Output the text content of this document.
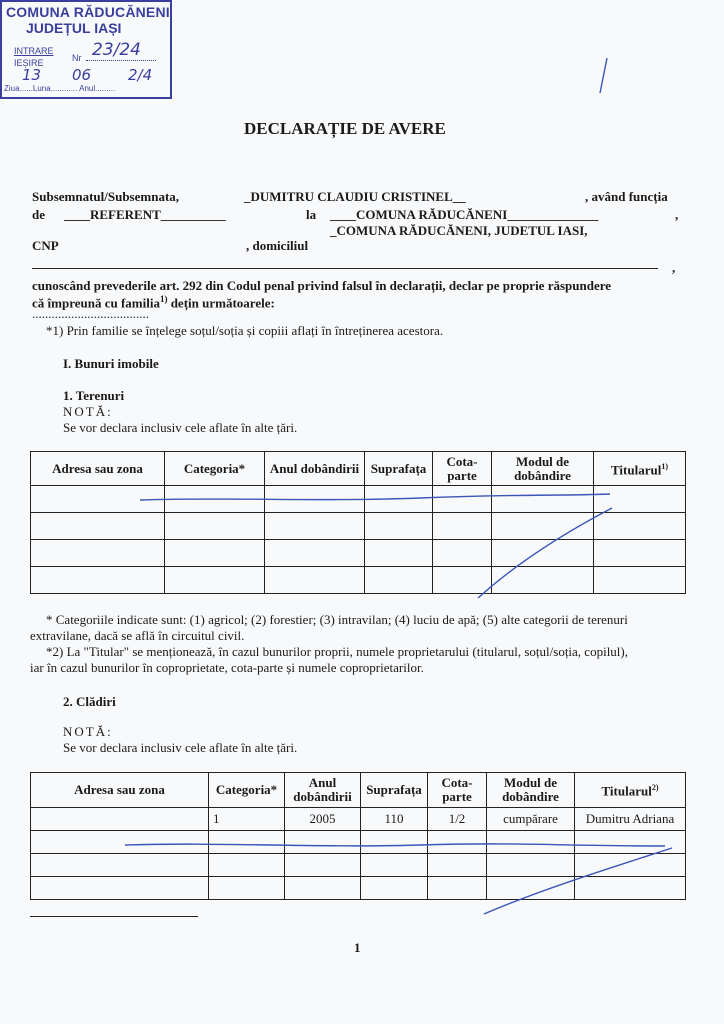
COMUNA RĂDUCĂNENI
JUDEȚUL IAȘI
INTRARE
IEȘIRE	Nr 23/24
13 06 2/4
Ziua......Luna............ Anul.........
DECLARAȚIE DE AVERE
Subsemnatul/Subsemnata,	_DUMITRU CLAUDIU CRISTINEL__	, având funcția
de ____REFERENT__________	la ____COMUNA RĂDUCĂNENI______________	,
_COMUNA RĂDUCĂNENI, JUDETUL IASI,
CNP	, domiciliul
,
cunoscând prevederile art. 292 din Codul penal privind falsul în declarații, declar pe proprie răspundere
că împreună cu familia$^{1)}$ dețin următoarele:
....................................
*1) Prin familie se înțelege soțul/soția și copiii aflați în întreținerea acestora.
I. Bunuri imobile
1. Terenuri
NOTĂ:
Se vor declara inclusiv cele aflate în alte țări.
Adresa sau zona	Categoria*	Anul dobândirii	Suprafața	Cota-parte	Modul de dobândire	Titularul$^{1)}$

* Categoriile indicate sunt: (1) agricol; (2) forestier; (3) intravilan; (4) luciu de apă; (5) alte categorii de terenuri
extravilane, dacă se află în circuitul civil.
*2) La "Titular" se menționează, în cazul bunurilor proprii, numele proprietarului (titularul, soțul/soția, copilul),
iar în cazul bunurilor în coproprietate, cota-parte și numele coproprietarilor.
2. Clădiri
NOTĂ:
Se vor declara inclusiv cele aflate în alte țări.
Adresa sau zona	Categoria*	Anul dobândirii	Suprafața	Cota-parte	Modul de dobândire	Titularul$^{2)}$
	1	2005	110	1/2	cumpărare	Dumitru Adriana

1
